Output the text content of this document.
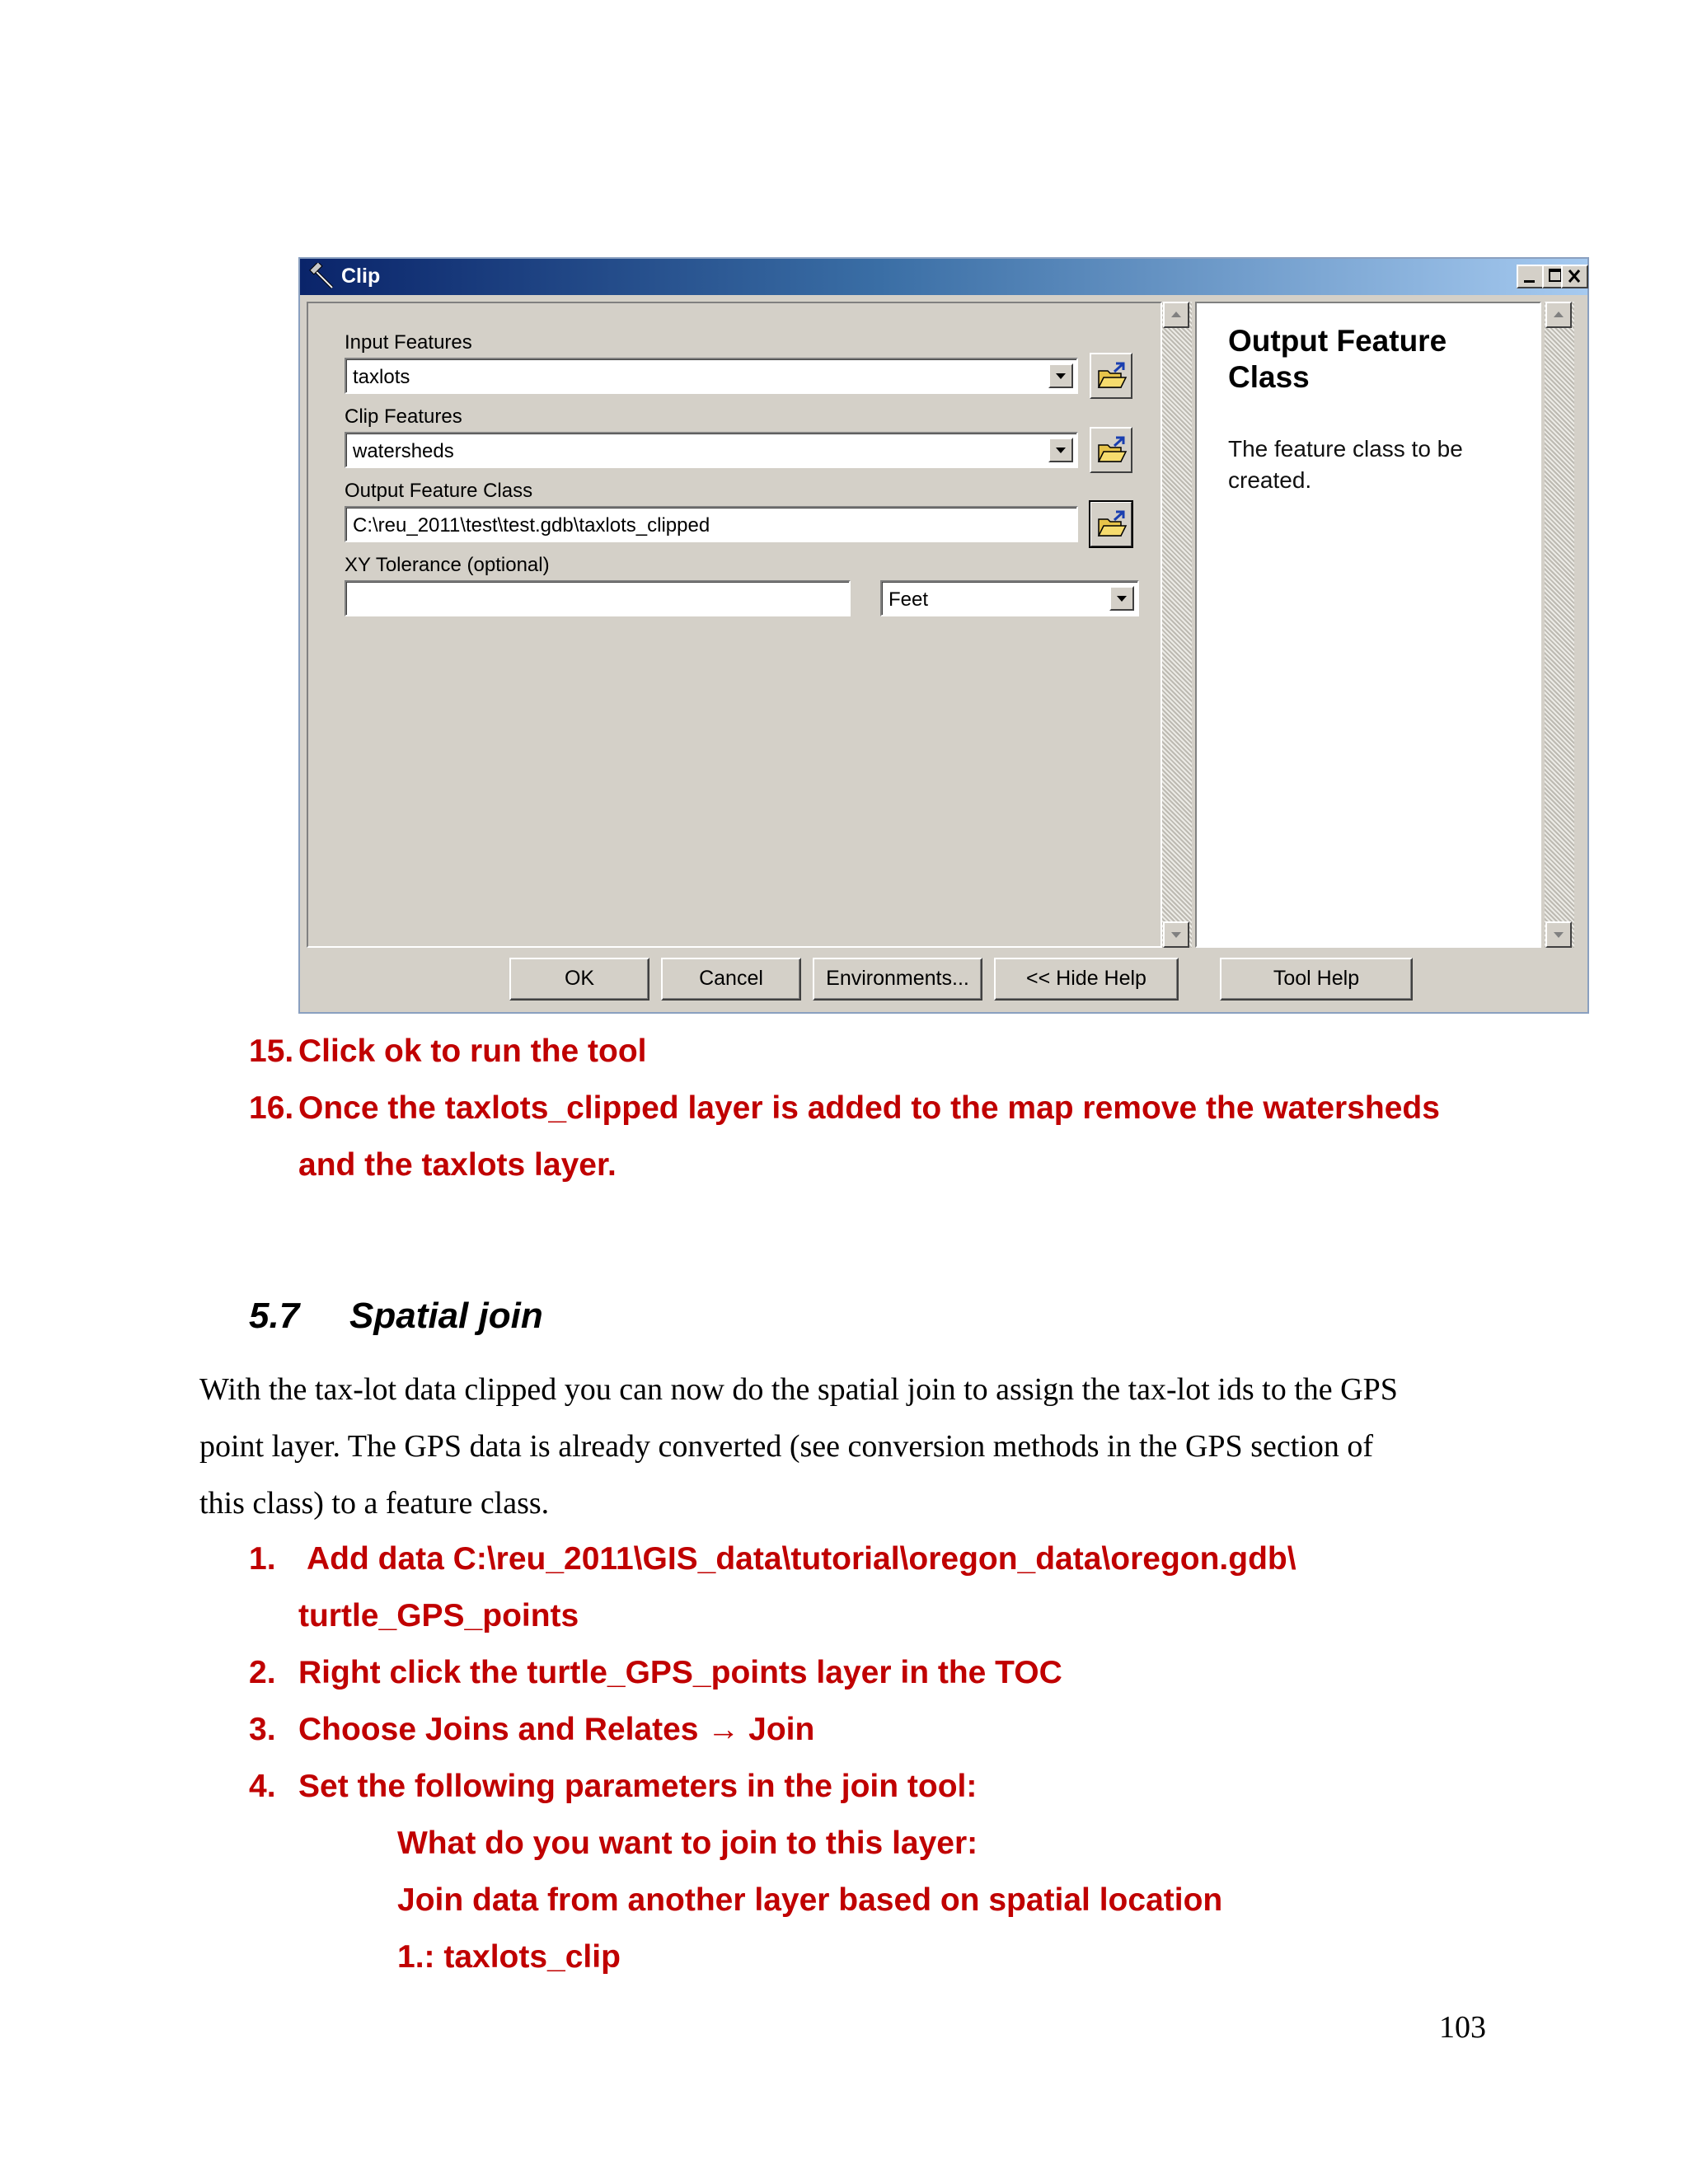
Clip
Input Features
taxlots
Clip Features
watersheds
Output Feature Class
C:\reu_2011\test\test.gdb\taxlots_clipped
XY Tolerance (optional)
Feet
Output Feature Class
The feature class to be created.
OK	Cancel	Environments...	<< Hide Help	Tool Help
15. Click ok to run the tool
16. Once the taxlots_clipped layer is added to the map remove the watersheds
and the taxlots layer.
5.7 Spatial join
With the tax-lot data clipped you can now do the spatial join to assign the tax-lot ids to the GPS
point layer. The GPS data is already converted (see conversion methods in the GPS section of
this class) to a feature class.
1. Add data C:\reu_2011\GIS_data\tutorial\oregon_data\oregon.gdb\
turtle_GPS_points
2. Right click the turtle_GPS_points layer in the TOC
3. Choose Joins and Relates → Join
4. Set the following parameters in the join tool:
What do you want to join to this layer:
Join data from another layer based on spatial location
1.: taxlots_clip
103
